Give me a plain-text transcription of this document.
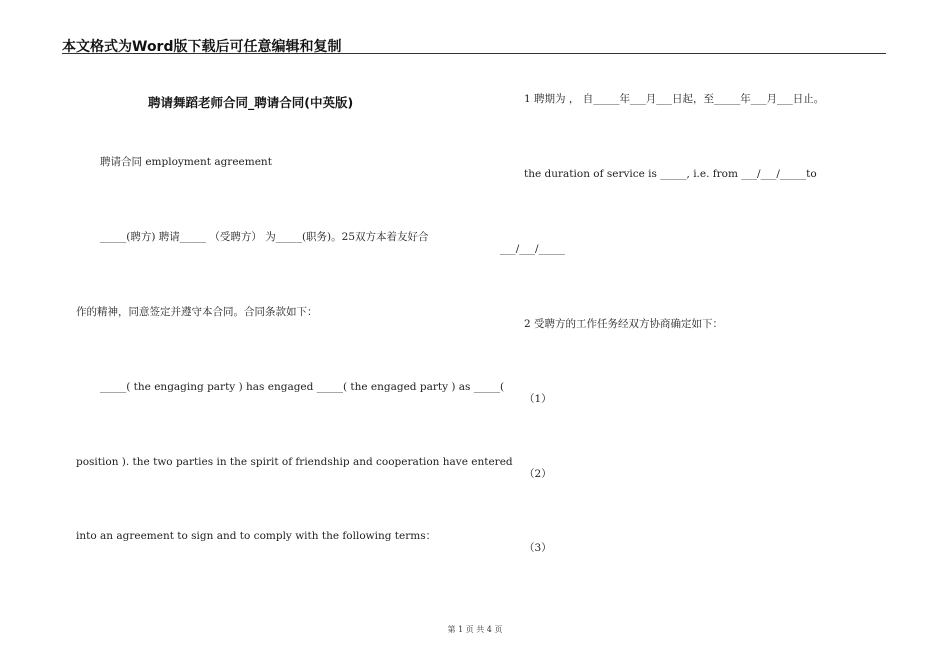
本文格式为Word版下载后可任意编辑和复制
聘请舞蹈老师合同_聘请合同(中英版)
聘请合同 employment agreement
_____(聘方) 聘请_____ （受聘方） 为_____(职务)。25双方本着友好合
作的精神，同意签定并遵守本合同。合同条款如下：
_____( the engaging party ) has engaged _____( the engaged party ) as _____(
position ). the two parties in the spirit of friendship and cooperation have entered
into an agreement to sign and to comply with the following terms：
1 聘期为 ， 自_____年___月___日起，至_____年___月___日止。
the duration of service is _____, i.e. from ___/___/_____to
___/___/_____
2 受聘方的工作任务经双方协商确定如下：
（1）
（2）
（3）
第 1 页 共 4 页
